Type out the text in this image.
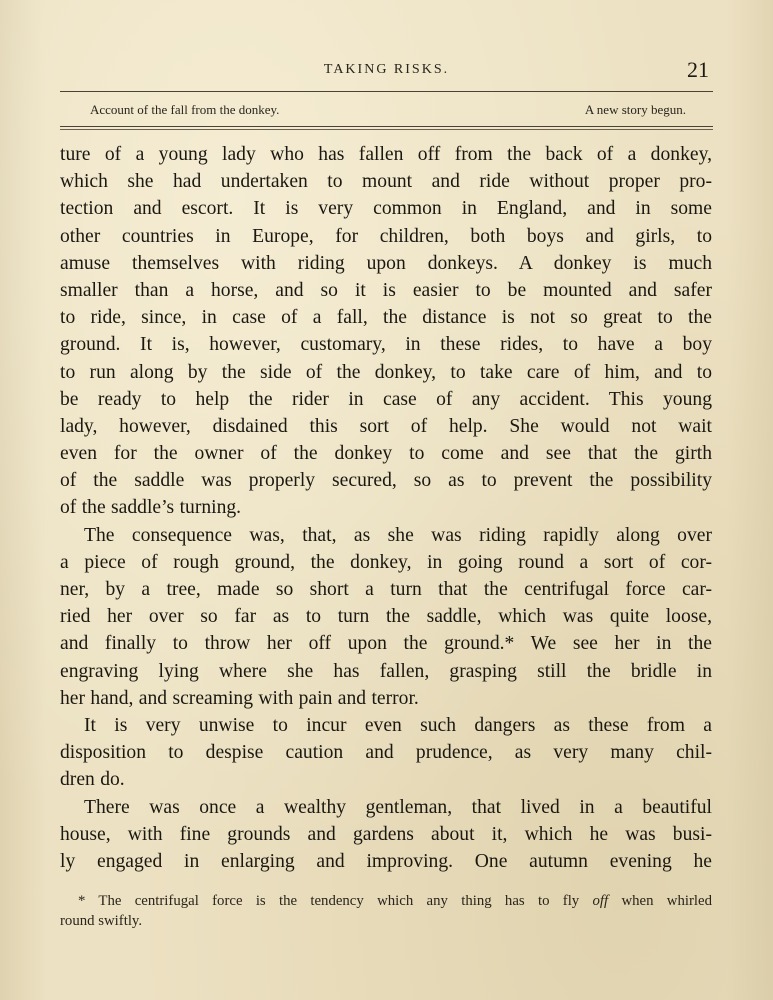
TAKING RISKS.	21
Account of the fall from the donkey.	A new story begun.
ture of a young lady who has fallen off from the back of a donkey,
which she had undertaken to mount and ride without proper pro-
tection and escort. It is very common in England, and in some
other countries in Europe, for children, both boys and girls, to
amuse themselves with riding upon donkeys. A donkey is much
smaller than a horse, and so it is easier to be mounted and safer
to ride, since, in case of a fall, the distance is not so great to the
ground. It is, however, customary, in these rides, to have a boy
to run along by the side of the donkey, to take care of him, and to
be ready to help the rider in case of any accident. This young
lady, however, disdained this sort of help. She would not wait
even for the owner of the donkey to come and see that the girth
of the saddle was properly secured, so as to prevent the possibility
of the saddle’s turning.
The consequence was, that, as she was riding rapidly along over
a piece of rough ground, the donkey, in going round a sort of cor-
ner, by a tree, made so short a turn that the centrifugal force car-
ried her over so far as to turn the saddle, which was quite loose,
and finally to throw her off upon the ground.* We see her in the
engraving lying where she has fallen, grasping still the bridle in
her hand, and screaming with pain and terror.
It is very unwise to incur even such dangers as these from a
disposition to despise caution and prudence, as very many chil-
dren do.
There was once a wealthy gentleman, that lived in a beautiful
house, with fine grounds and gardens about it, which he was busi-
ly engaged in enlarging and improving. One autumn evening he
* The centrifugal force is the tendency which any thing has to fly off when whirled
round swiftly.
